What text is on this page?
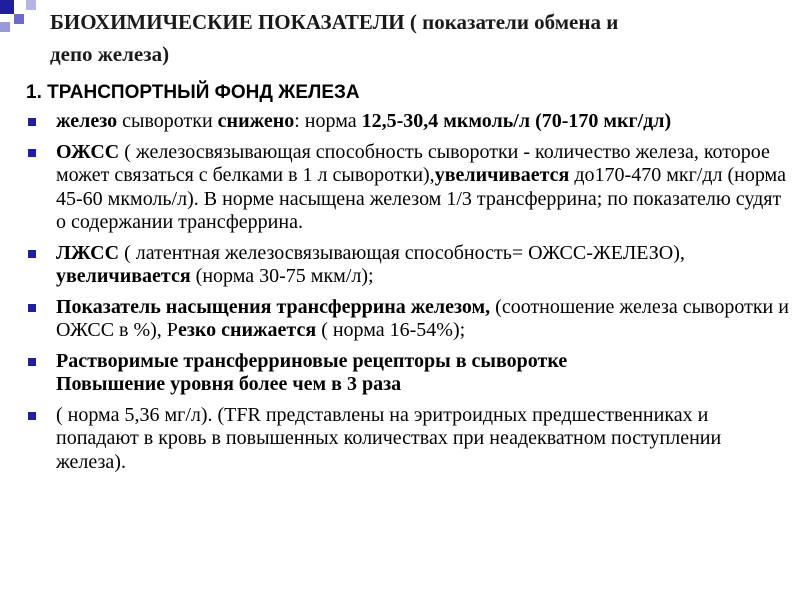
БИОХИМИЧЕСКИЕ ПОКАЗАТЕЛИ ( показатели обмена и
депо железа)
1. ТРАНСПОРТНЫЙ ФОНД ЖЕЛЕЗА
железо сыворотки снижено: норма 12,5-30,4 мкмоль/л (70-170 мкг/дл)
ОЖСС ( железосвязывающая способность сыворотки - количество железа, которое может связаться с белками в 1 л сыворотки),увеличивается до170-470 мкг/дл (норма 45-60 мкмоль/л). В норме насыщена железом 1/3 трансферрина; по показателю судят о содержании трансферрина.
ЛЖСС ( латентная железосвязывающая способность= ОЖСС-ЖЕЛЕЗО), увеличивается (норма 30-75 мкм/л);
Показатель насыщения трансферрина железом, (соотношение железа сыворотки и ОЖСС в %), Резко снижается ( норма 16-54%);
Растворимые трансферриновые рецепторы в сыворотке
Повышение уровня более чем в 3 раза
( норма 5,36 мг/л). (TFR представлены на эритроидных предшественниках и попадают в кровь в повышенных количествах при неадекватном поступлении железа).
